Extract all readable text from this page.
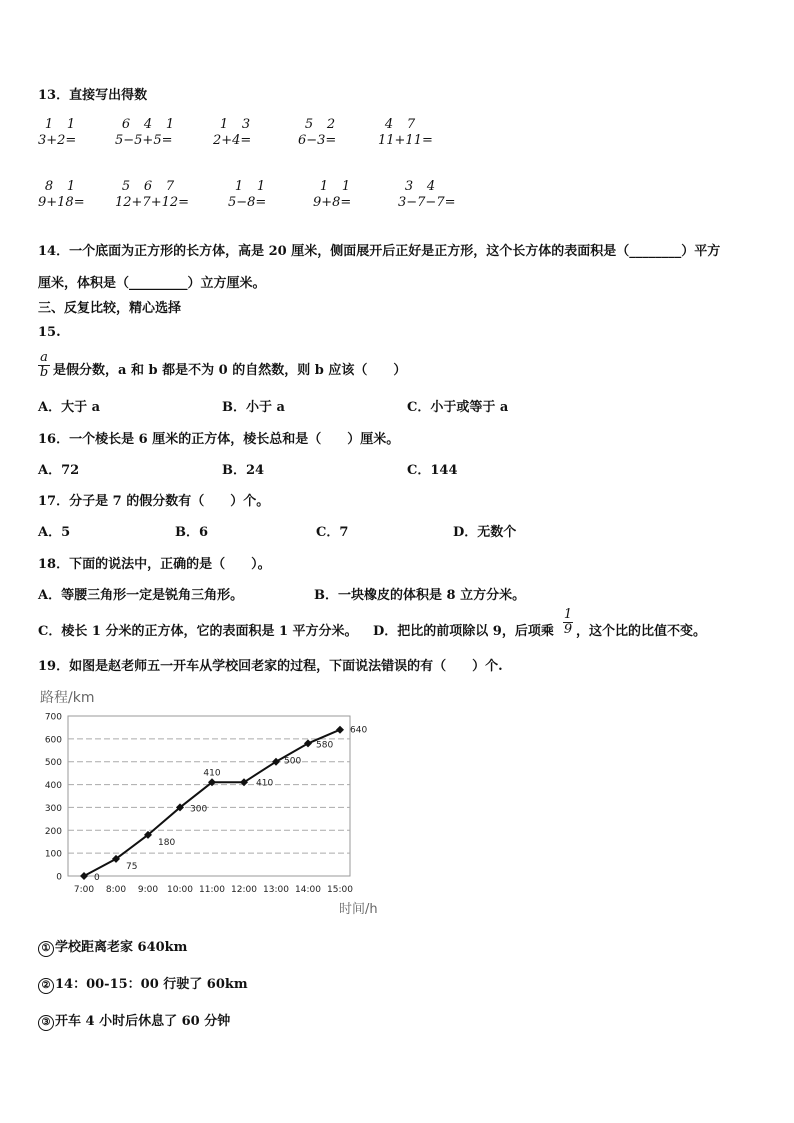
13．直接写出得数
1 1
3+2=
6 4 1
5−5+5=
1 3
2+4=
5 2
6−3=
4 7
11+11=
8 1
9+18=
5 6 7
12+7+12=
1 1
5−8=
1 1
9+8=
3 4
3−7−7=
14．一个底面为正方形的长方体，高是 20 厘米，侧面展开后正好是正方形，这个长方体的表面积是（________）平方
厘米，体积是（_________）立方厘米。
三、反复比较，精心选择
15.
a
b 是假分数，a 和 b 都是不为 0 的自然数，则 b 应该（　　）
A．大于 a	B．小于 a	C．小于或等于 a
16．一个棱长是 6 厘米的正方体，棱长总和是（　　）厘米。
A．72	B．24	C．144
17．分子是 7 的假分数有（　　）个。
A．5	B．6	C．7	D．无数个
18．下面的说法中，正确的是（　　）。
A．等腰三角形一定是锐角三角形。	B．一块橡皮的体积是 8 立方分米。
C．棱长 1 分米的正方体，它的表面积是 1 平方分米。 D．把比的前项除以 9，后项乘
1
9 ，这个比的比值不变。
19．如图是赵老师五一开车从学校回老家的过程，下面说法错误的有（　　）个.
路程/km
0
100
200
300
400
500
600
700
7:00 8:00 9:00 10:00 11:00 12:00 13:00 14:00 15:00
0
75
180
300
410
410
500
580
640
时间/h
① 学校距离老家 640km
② 14：00-15：00 行驶了 60km
③ 开车 4 小时后休息了 60 分钟
